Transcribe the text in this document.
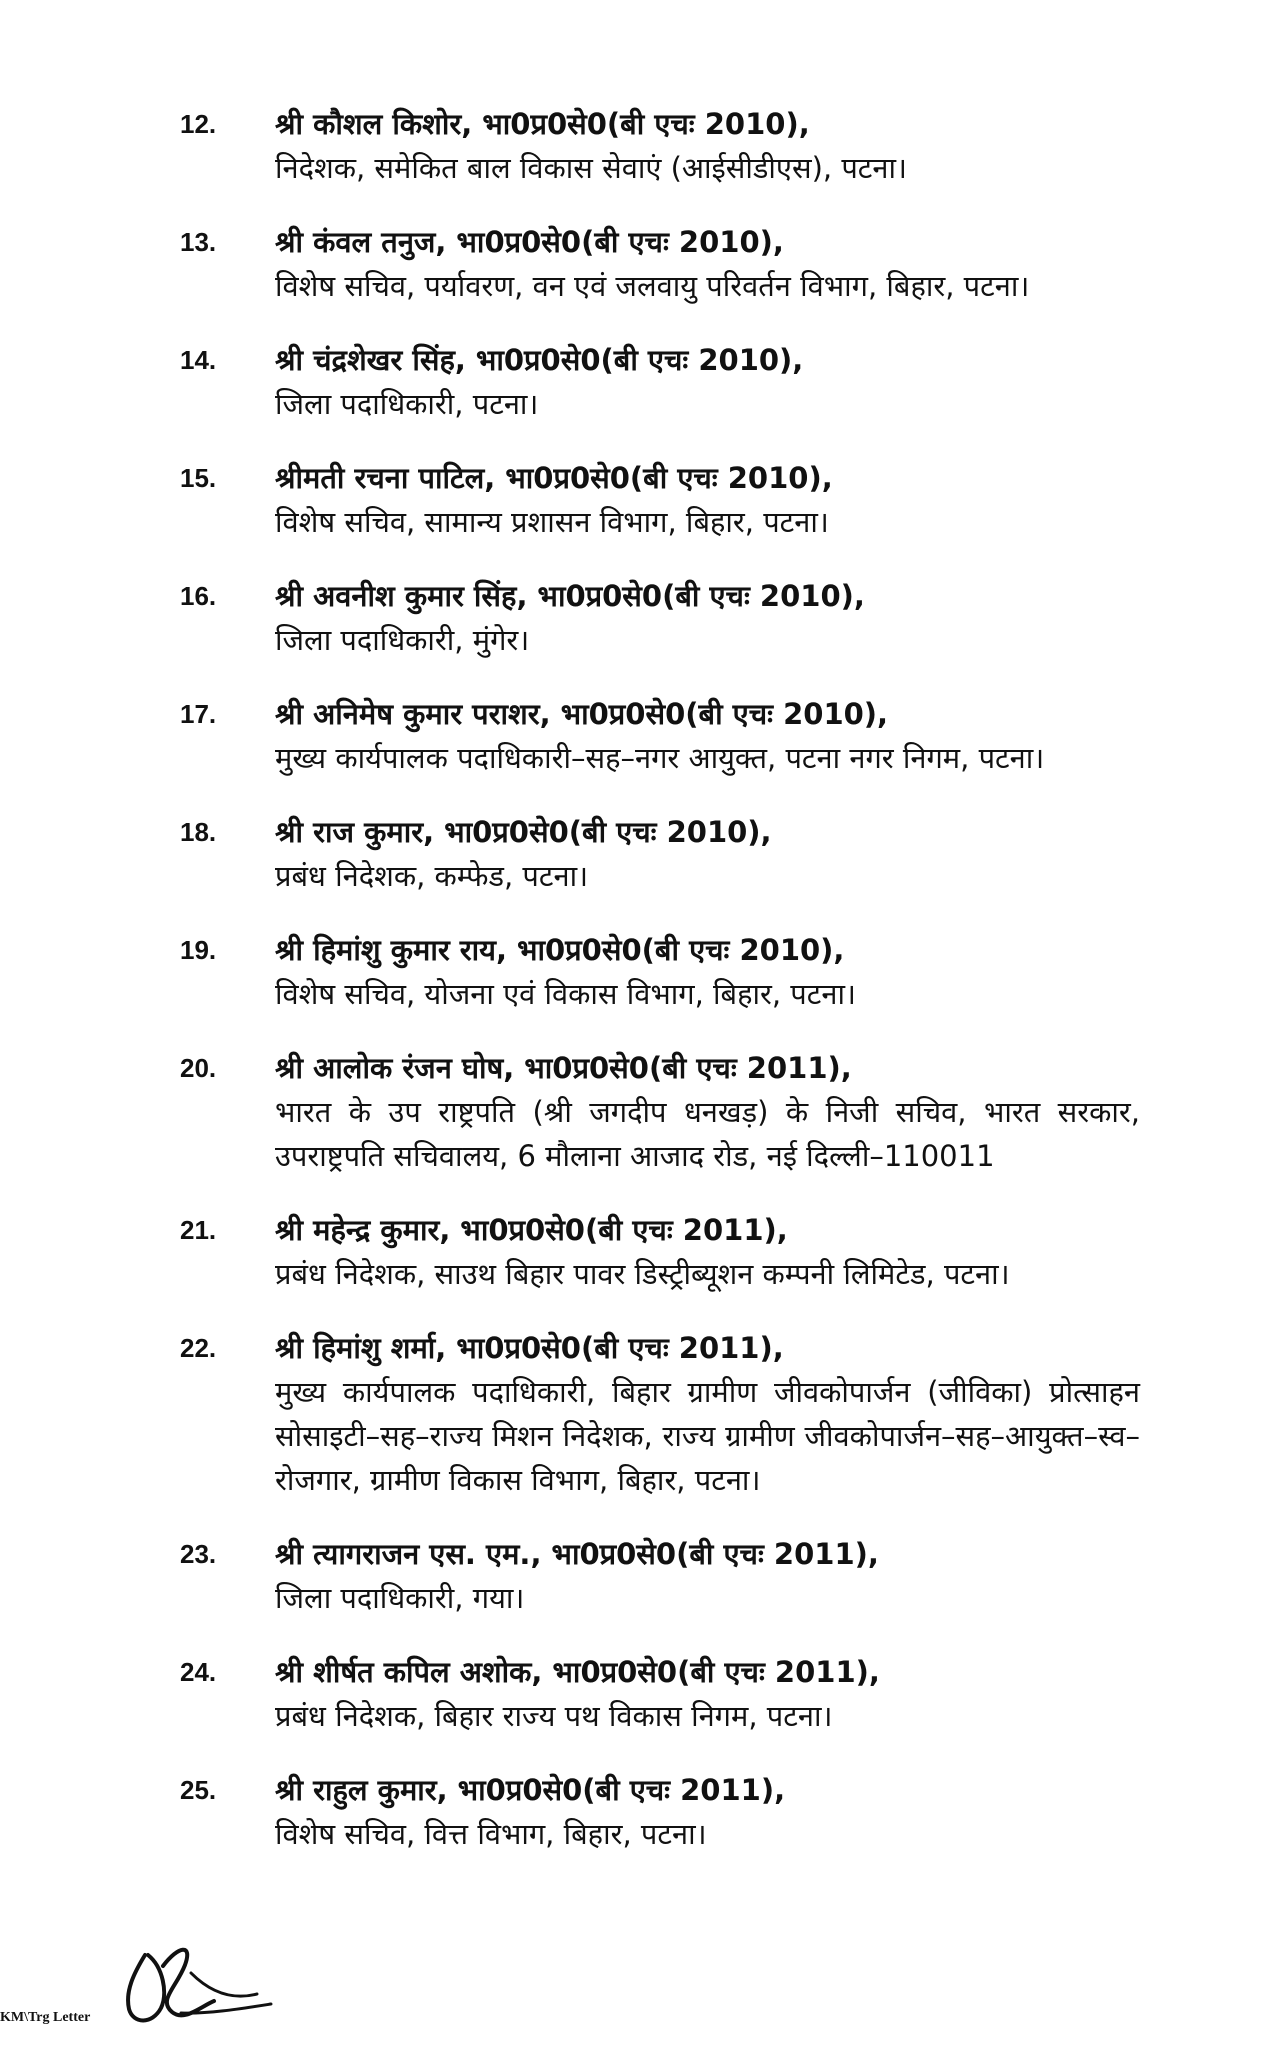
12.	श्री कौशल किशोर, भा0प्र0से0(बी एचः 2010),
निदेशक, समेकित बाल विकास सेवाएं (आईसीडीएस), पटना।
13.	श्री कंवल तनुज, भा0प्र0से0(बी एचः 2010),
विशेष सचिव, पर्यावरण, वन एवं जलवायु परिवर्तन विभाग, बिहार, पटना।
14.	श्री चंद्रशेखर सिंह, भा0प्र0से0(बी एचः 2010),
जिला पदाधिकारी, पटना।
15.	श्रीमती रचना पाटिल, भा0प्र0से0(बी एचः 2010),
विशेष सचिव, सामान्य प्रशासन विभाग, बिहार, पटना।
16.	श्री अवनीश कुमार सिंह, भा0प्र0से0(बी एचः 2010),
जिला पदाधिकारी, मुंगेर।
17.	श्री अनिमेष कुमार पराशर, भा0प्र0से0(बी एचः 2010),
मुख्य कार्यपालक पदाधिकारी–सह–नगर आयुक्त, पटना नगर निगम, पटना।
18.	श्री राज कुमार, भा0प्र0से0(बी एचः 2010),
प्रबंध निदेशक, कम्फेड, पटना।
19.	श्री हिमांशु कुमार राय, भा0प्र0से0(बी एचः 2010),
विशेष सचिव, योजना एवं विकास विभाग, बिहार, पटना।
20.	श्री आलोक रंजन घोष, भा0प्र0से0(बी एचः 2011),
भारत के उप राष्ट्रपति (श्री जगदीप धनखड़) के निजी सचिव, भारत सरकार, उपराष्ट्रपति सचिवालय, 6 मौलाना आजाद रोड, नई दिल्ली–110011
21.	श्री महेन्द्र कुमार, भा0प्र0से0(बी एचः 2011),
प्रबंध निदेशक, साउथ बिहार पावर डिस्ट्रीब्यूशन कम्पनी लिमिटेड, पटना।
22.	श्री हिमांशु शर्मा, भा0प्र0से0(बी एचः 2011),
मुख्य कार्यपालक पदाधिकारी, बिहार ग्रामीण जीवकोपार्जन (जीविका) प्रोत्साहन सोसाइटी–सह–राज्य मिशन निदेशक, राज्य ग्रामीण जीवकोपार्जन–सह–आयुक्त–स्व–रोजगार, ग्रामीण विकास विभाग, बिहार, पटना।
23.	श्री त्यागराजन एस. एम., भा0प्र0से0(बी एचः 2011),
जिला पदाधिकारी, गया।
24.	श्री शीर्षत कपिल अशोक, भा0प्र0से0(बी एचः 2011),
प्रबंध निदेशक, बिहार राज्य पथ विकास निगम, पटना।
25.	श्री राहुल कुमार, भा0प्र0से0(बी एचः 2011),
विशेष सचिव, वित्त विभाग, बिहार, पटना।
KM\Trg Letter
